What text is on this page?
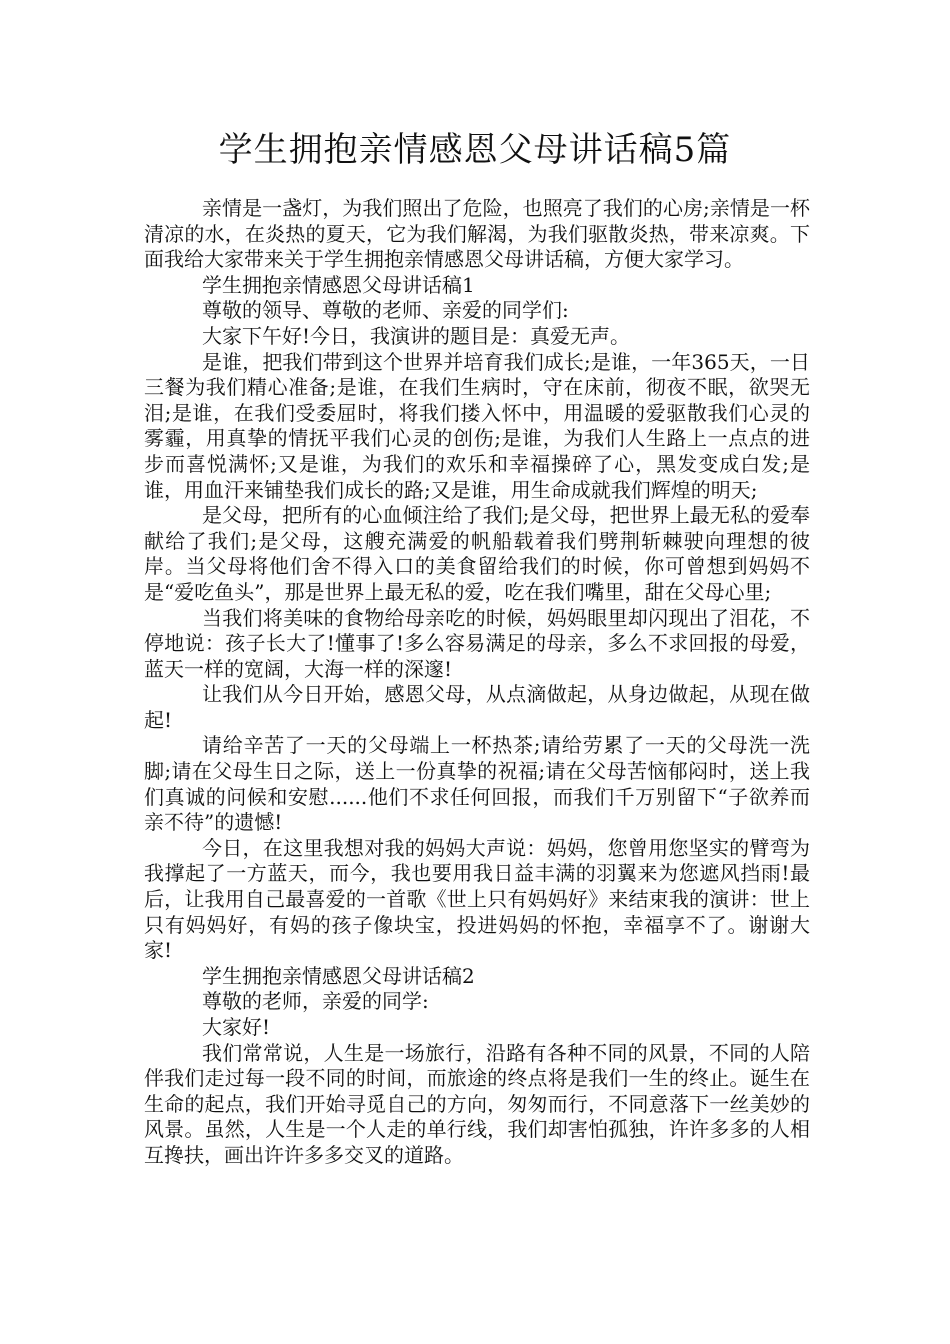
学生拥抱亲情感恩父母讲话稿5篇

亲情是一盏灯，为我们照出了危险，也照亮了我们的心房;亲情是一杯清凉的水，在炎热的夏天，它为我们解渴，为我们驱散炎热，带来凉爽。下面我给大家带来关于学生拥抱亲情感恩父母讲话稿，方便大家学习。

学生拥抱亲情感恩父母讲话稿1

尊敬的领导、尊敬的老师、亲爱的同学们:

大家下午好!今日，我演讲的题目是：真爱无声。

是谁，把我们带到这个世界并培育我们成长;是谁，一年365天，一日三餐为我们精心准备;是谁，在我们生病时，守在床前，彻夜不眠，欲哭无泪;是谁，在我们受委屈时，将我们搂入怀中，用温暖的爱驱散我们心灵的雾霾，用真挚的情抚平我们心灵的创伤;是谁，为我们人生路上一点点的进步而喜悦满怀;又是谁，为我们的欢乐和幸福操碎了心，黑发变成白发;是谁，用血汗来铺垫我们成长的路;又是谁，用生命成就我们辉煌的明天;

是父母，把所有的心血倾注给了我们;是父母，把世界上最无私的爱奉献给了我们;是父母，这艘充满爱的帆船载着我们劈荆斩棘驶向理想的彼岸。当父母将他们舍不得入口的美食留给我们的时候，你可曾想到妈妈不是“爱吃鱼头”，那是世界上最无私的爱，吃在我们嘴里，甜在父母心里;

当我们将美味的食物给母亲吃的时候，妈妈眼里却闪现出了泪花，不停地说：孩子长大了!懂事了!多么容易满足的母亲，多么不求回报的母爱，蓝天一样的宽阔，大海一样的深邃!

让我们从今日开始，感恩父母，从点滴做起，从身边做起，从现在做起!

请给辛苦了一天的父母端上一杯热茶;请给劳累了一天的父母洗一洗脚;请在父母生日之际，送上一份真挚的祝福;请在父母苦恼郁闷时，送上我们真诚的问候和安慰......他们不求任何回报，而我们千万别留下“子欲养而亲不待”的遗憾!

今日，在这里我想对我的妈妈大声说：妈妈，您曾用您坚实的臂弯为我撑起了一方蓝天，而今，我也要用我日益丰满的羽翼来为您遮风挡雨!最后，让我用自己最喜爱的一首歌《世上只有妈妈好》来结束我的演讲：世上只有妈妈好，有妈的孩子像块宝，投进妈妈的怀抱，幸福享不了。谢谢大家!

学生拥抱亲情感恩父母讲话稿2

尊敬的老师，亲爱的同学:

大家好!

我们常常说，人生是一场旅行，沿路有各种不同的风景，不同的人陪伴我们走过每一段不同的时间，而旅途的终点将是我们一生的终止。诞生在生命的起点，我们开始寻觅自己的方向，匆匆而行，不同意落下一丝美妙的风景。虽然，人生是一个人走的单行线，我们却害怕孤独，许许多多的人相互搀扶，画出许许多多交叉的道路。
